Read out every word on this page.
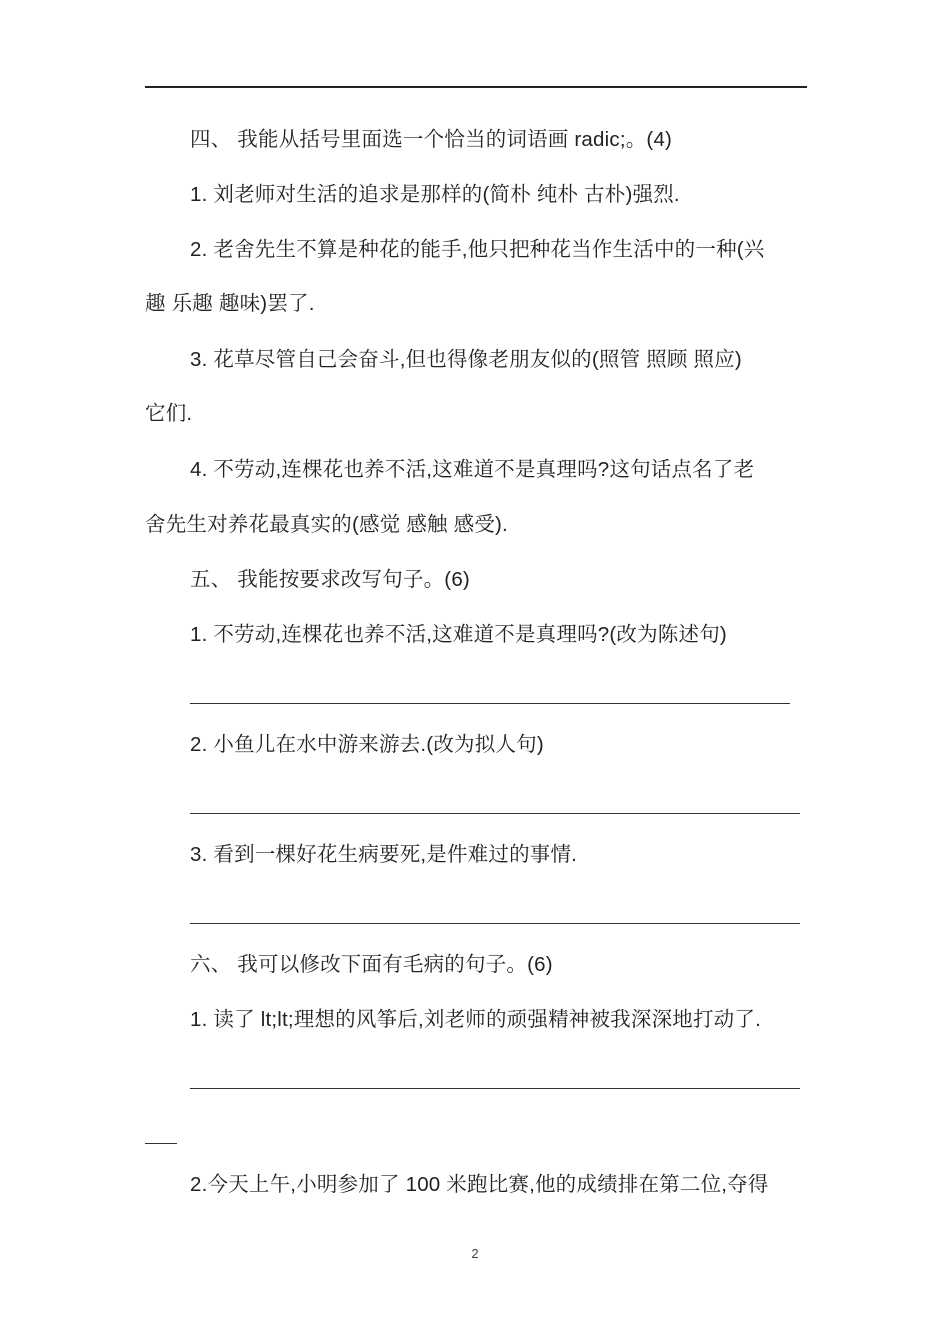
四、 我能从括号里面选一个恰当的词语画 radic;。(4)
1. 刘老师对生活的追求是那样的(简朴 纯朴 古朴)强烈.
2. 老舍先生不算是种花的能手,他只把种花当作生活中的一种(兴
趣 乐趣 趣味)罢了.
3. 花草尽管自己会奋斗,但也得像老朋友似的(照管 照顾 照应)
它们.
4. 不劳动,连棵花也养不活,这难道不是真理吗?这句话点名了老
舍先生对养花最真实的(感觉 感触 感受).
五、 我能按要求改写句子。(6)
1. 不劳动,连棵花也养不活,这难道不是真理吗?(改为陈述句)
2. 小鱼儿在水中游来游去.(改为拟人句)
3. 看到一棵好花生病要死,是件难过的事情.
六、 我可以修改下面有毛病的句子。(6)
1. 读了 lt;lt;理想的风筝后,刘老师的顽强精神被我深深地打动了.
2.今天上午,小明参加了 100 米跑比赛,他的成绩排在第二位,夺得
2
